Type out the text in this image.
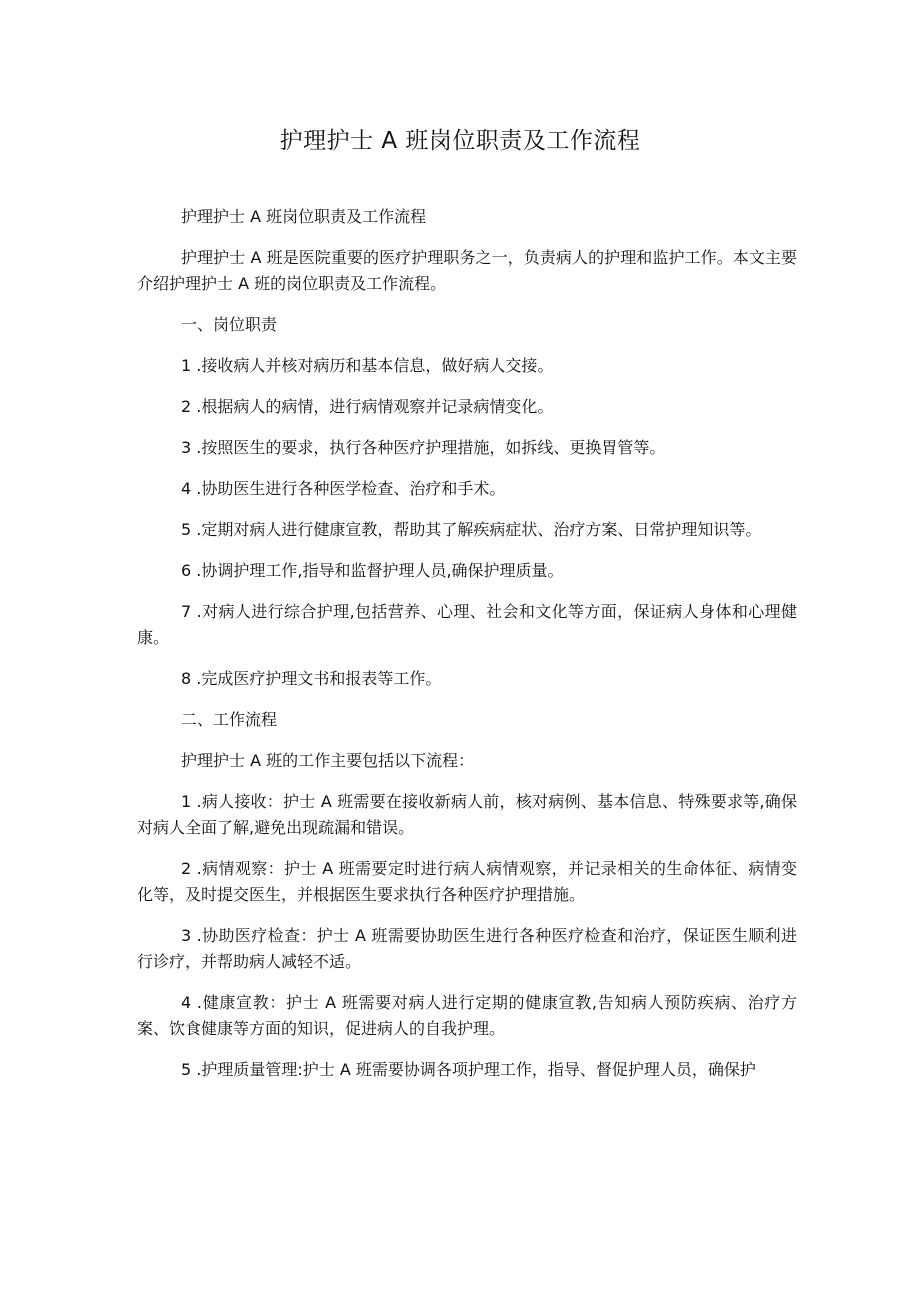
护理护士 A 班岗位职责及工作流程

护理护士 A 班岗位职责及工作流程

护理护士 A 班是医院重要的医疗护理职务之一，负责病人的护理和监护工作。本文主要介绍护理护士 A 班的岗位职责及工作流程。

一、岗位职责

1 .接收病人并核对病历和基本信息，做好病人交接。

2 .根据病人的病情，进行病情观察并记录病情变化。

3 .按照医生的要求，执行各种医疗护理措施，如拆线、更换胃管等。

4 .协助医生进行各种医学检查、治疗和手术。

5 .定期对病人进行健康宣教，帮助其了解疾病症状、治疗方案、日常护理知识等。

6 .协调护理工作,指导和监督护理人员,确保护理质量。

7 .对病人进行综合护理,包括营养、心理、社会和文化等方面，保证病人身体和心理健康。

8 .完成医疗护理文书和报表等工作。

二、工作流程

护理护士 A 班的工作主要包括以下流程：

1 .病人接收：护士 A 班需要在接收新病人前，核对病例、基本信息、特殊要求等,确保对病人全面了解,避免出现疏漏和错误。

2 .病情观察：护士 A 班需要定时进行病人病情观察，并记录相关的生命体征、病情变化等，及时提交医生，并根据医生要求执行各种医疗护理措施。

3 .协助医疗检查：护士 A 班需要协助医生进行各种医疗检查和治疗，保证医生顺利进行诊疗，并帮助病人减轻不适。

4 .健康宣教：护士 A 班需要对病人进行定期的健康宣教,告知病人预防疾病、治疗方案、饮食健康等方面的知识，促进病人的自我护理。

5 .护理质量管理:护士 A 班需要协调各项护理工作，指导、督促护理人员，确保护
